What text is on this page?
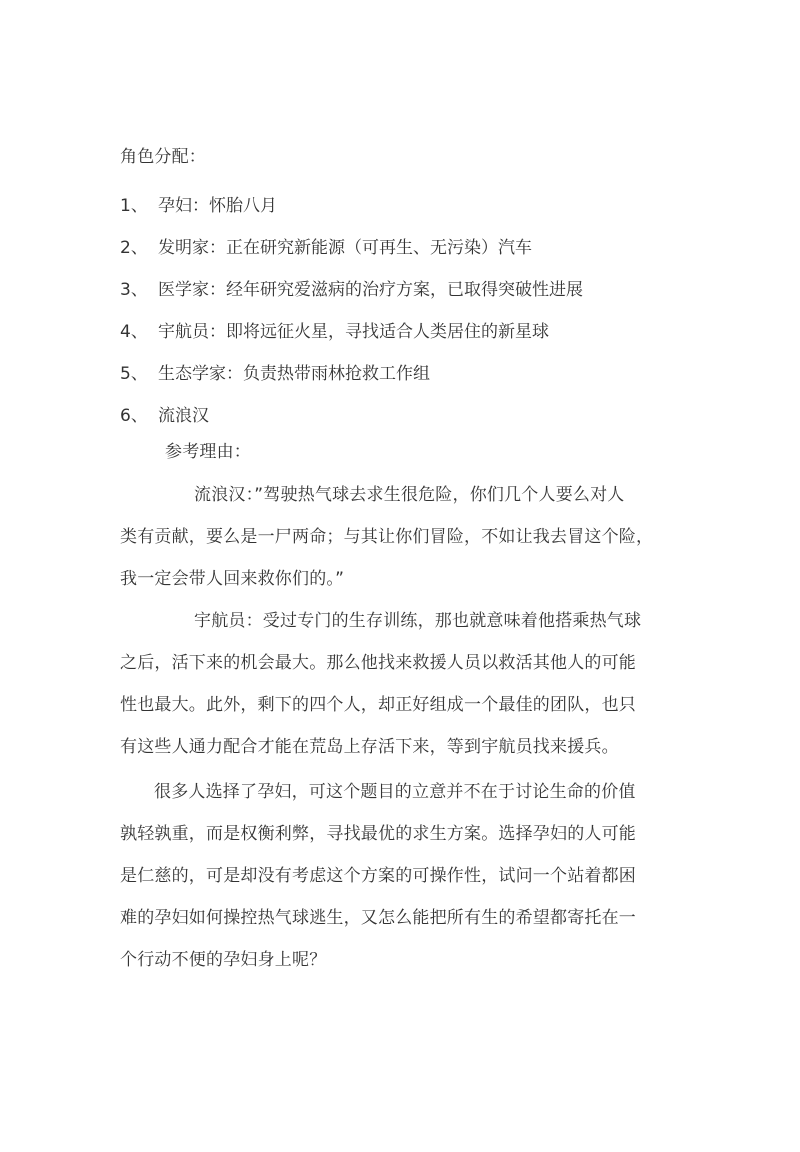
角色分配：
1、 孕妇：怀胎八月
2、 发明家：正在研究新能源（可再生、无污染）汽车
3、 医学家：经年研究爱滋病的治疗方案，已取得突破性进展
4、 宇航员：即将远征火星，寻找适合人类居住的新星球
5、 生态学家：负责热带雨林抢救工作组
6、 流浪汉
参考理由：
流浪汉：”驾驶热气球去求生很危险，你们几个人要么对人
类有贡献，要么是一尸两命；与其让你们冒险，不如让我去冒这个险，
我一定会带人回来救你们的。”
宇航员：受过专门的生存训练，那也就意味着他搭乘热气球
之后，活下来的机会最大。那么他找来救援人员以救活其他人的可能
性也最大。此外，剩下的四个人，却正好组成一个最佳的团队，也只
有这些人通力配合才能在荒岛上存活下来，等到宇航员找来援兵。
很多人选择了孕妇，可这个题目的立意并不在于讨论生命的价值
孰轻孰重，而是权衡利弊，寻找最优的求生方案。选择孕妇的人可能
是仁慈的，可是却没有考虑这个方案的可操作性，试问一个站着都困
难的孕妇如何操控热气球逃生，又怎么能把所有生的希望都寄托在一
个行动不便的孕妇身上呢？
